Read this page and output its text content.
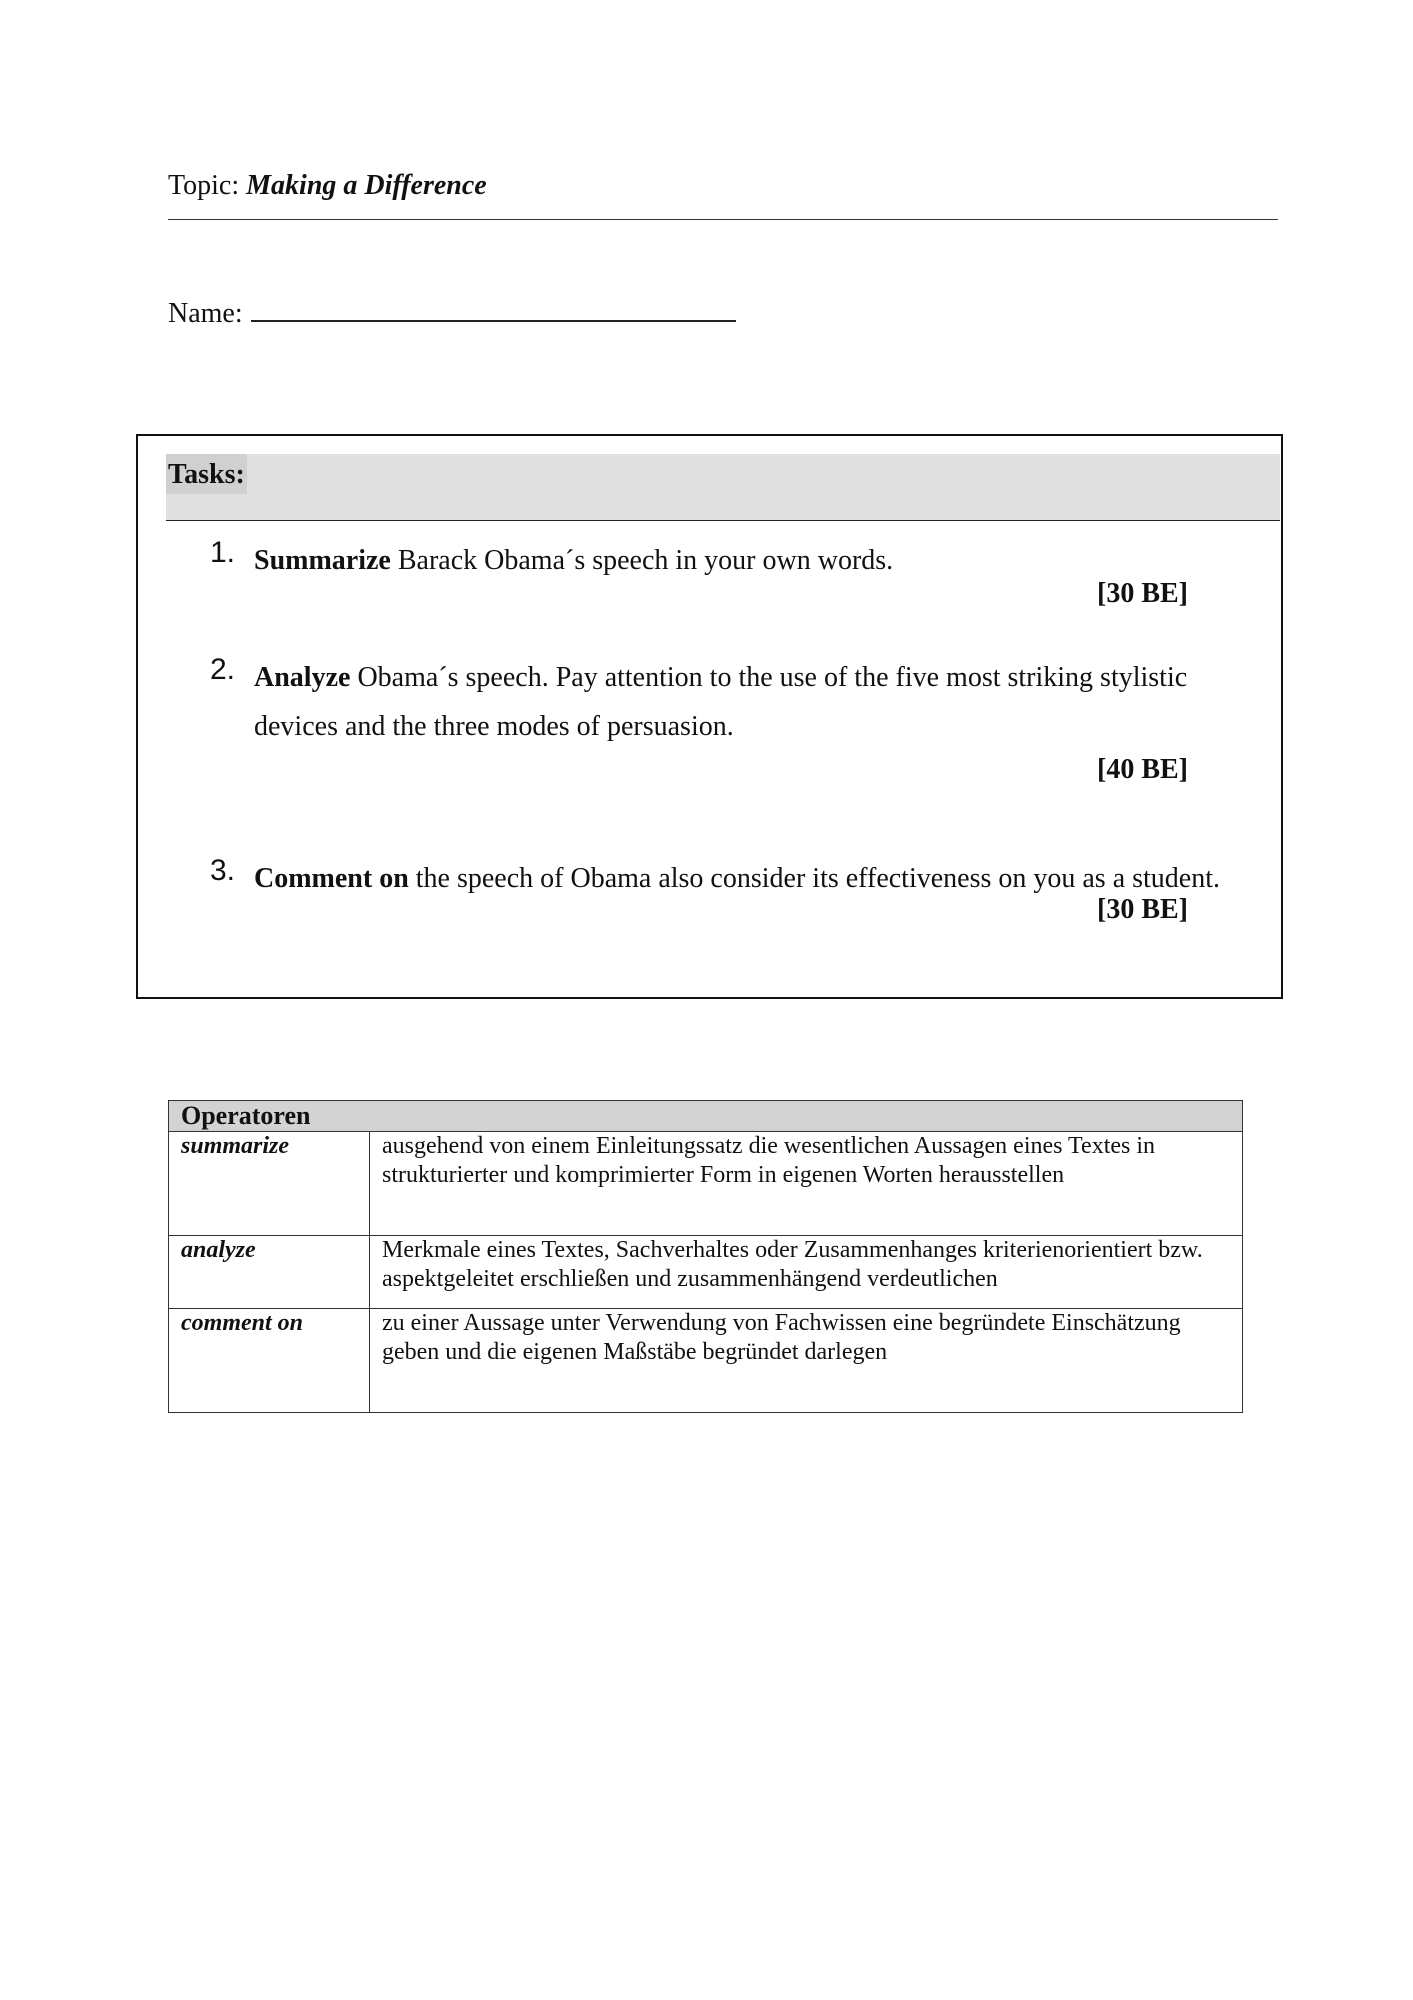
Topic: Making a Difference
Name:
Tasks:
1. Summarize Barack Obama´s speech in your own words.
[30 BE]
2. Analyze Obama´s speech. Pay attention to the use of the five most striking stylistic devices and the three modes of persuasion.
[40 BE]
3. Comment on the speech of Obama also consider its effectiveness on you as a student.
[30 BE]
Operatoren	
summarize	ausgehend von einem Einleitungssatz die wesentlichen Aussagen eines Textes in strukturierter und komprimierter Form in eigenen Worten herausstellen
analyze	Merkmale eines Textes, Sachverhaltes oder Zusammenhanges kriterienorientiert bzw. aspektgeleitet erschließen und zusammenhängend verdeutlichen
comment on	zu einer Aussage unter Verwendung von Fachwissen eine begründete Einschätzung geben und die eigenen Maßstäbe begründet darlegen
